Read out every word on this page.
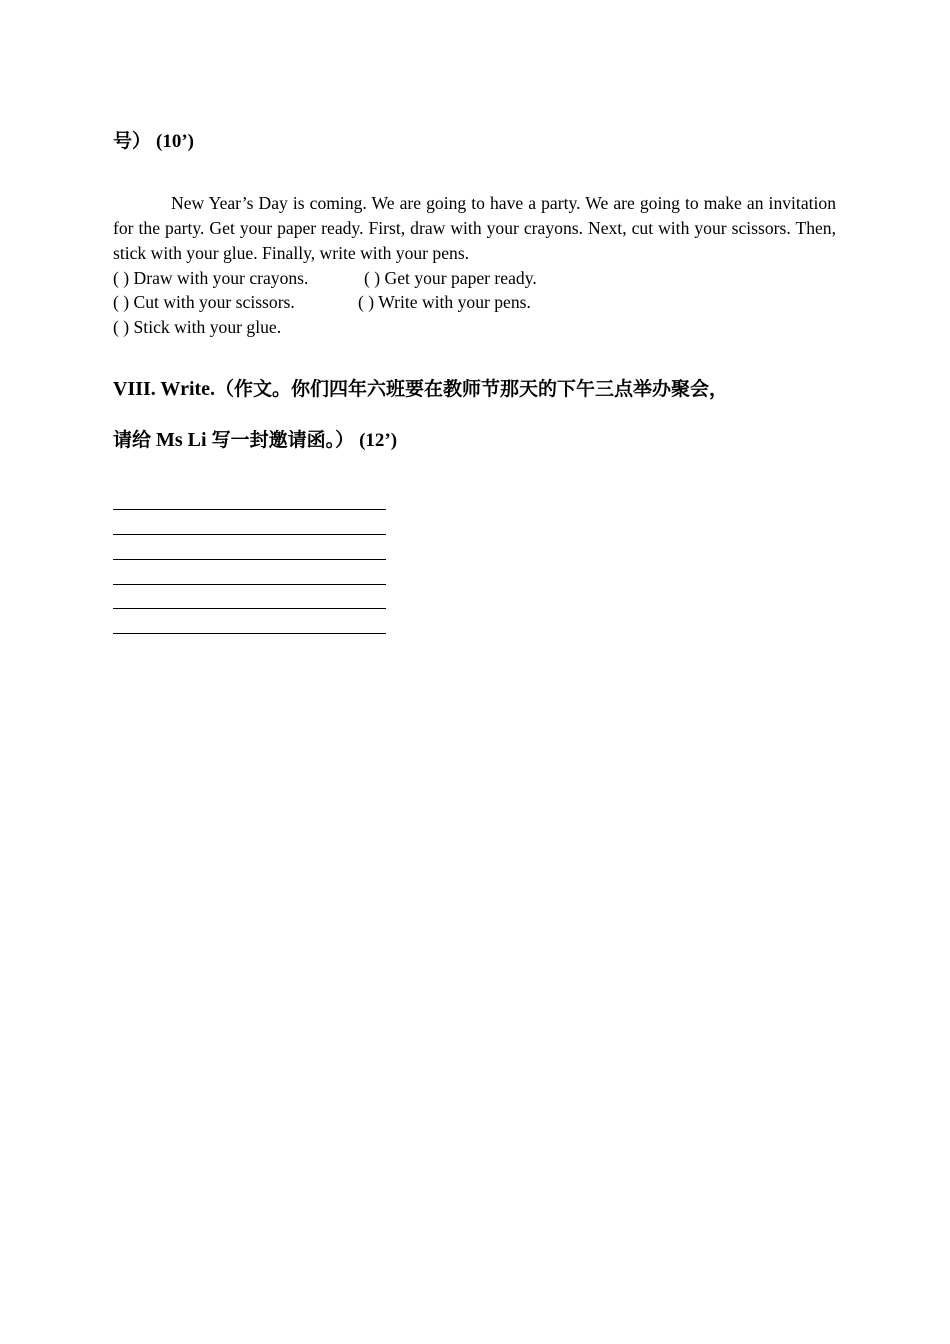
号） (10’)
New Year’s Day is coming. We are going to have a party. We are going to make an invitation for the party. Get your paper ready. First, draw with your crayons. Next, cut with your scissors. Then, stick with your glue. Finally, write with your pens.
( ) Draw with your crayons.	( ) Get your paper ready.
( ) Cut with your scissors.	( ) Write with your pens.
( ) Stick with your glue.
VIII. Write.（作文。你们四年六班要在教师节那天的下午三点举办聚会，
请给 Ms Li 写一封邀请函。） (12’)
